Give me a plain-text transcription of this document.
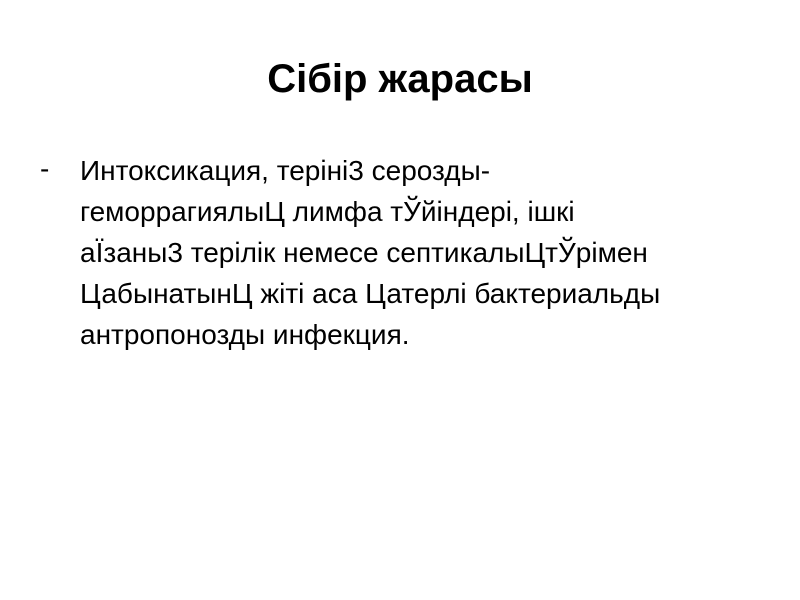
Сібір жарасы
- Интоксикация, терінi3 серозды-
геморрагиялыЦ лимфа тЎйіндері, ішкі
аЇзаны3 терілік немесе септикалыЦтЎрімен
ЦабынатынЦ жіті аса Цатерлі бактериальды
антропонозды инфекция.
